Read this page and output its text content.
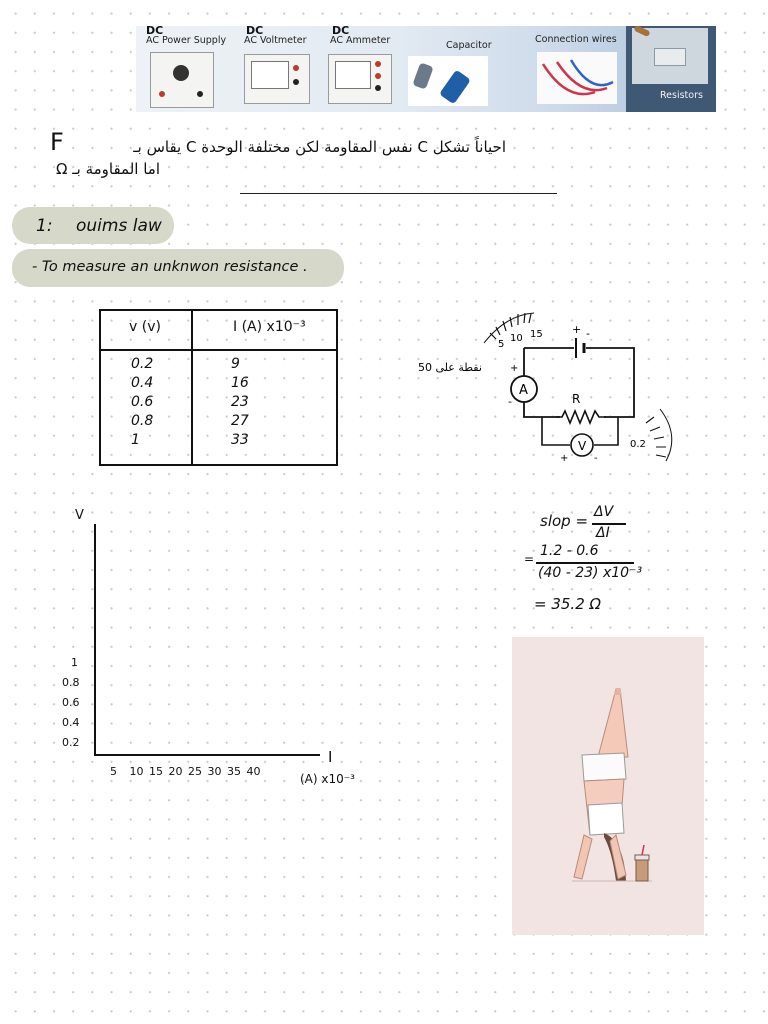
DC
AC Power Supply
DC
AC Voltmeter
DC
AC Ammeter	Capacitor
Connection wires
Resistors
F	احياناً تشكل C نفس المقاومة لكن مختلفة الوحدة C يقاس بـ
اما المقاومة بـ Ω
1: ouims law
- To measure an unknwon resistance .
v (v)	I (A) x10⁻³
0.2	9
0.4	16
0.6	23
0.8	27
1	33
5
10 15
50 نقطة على
+ -
A
+
-	R
V
+	-
0.2
V
1
0.8
0.6
0.4
0.2
5 10 15 20 25 30 35 40
I
(A) x10⁻³
slop = ΔV
ΔI
= 1.2 - 0.6
(40 - 23) x10⁻³
= 35.2 Ω
